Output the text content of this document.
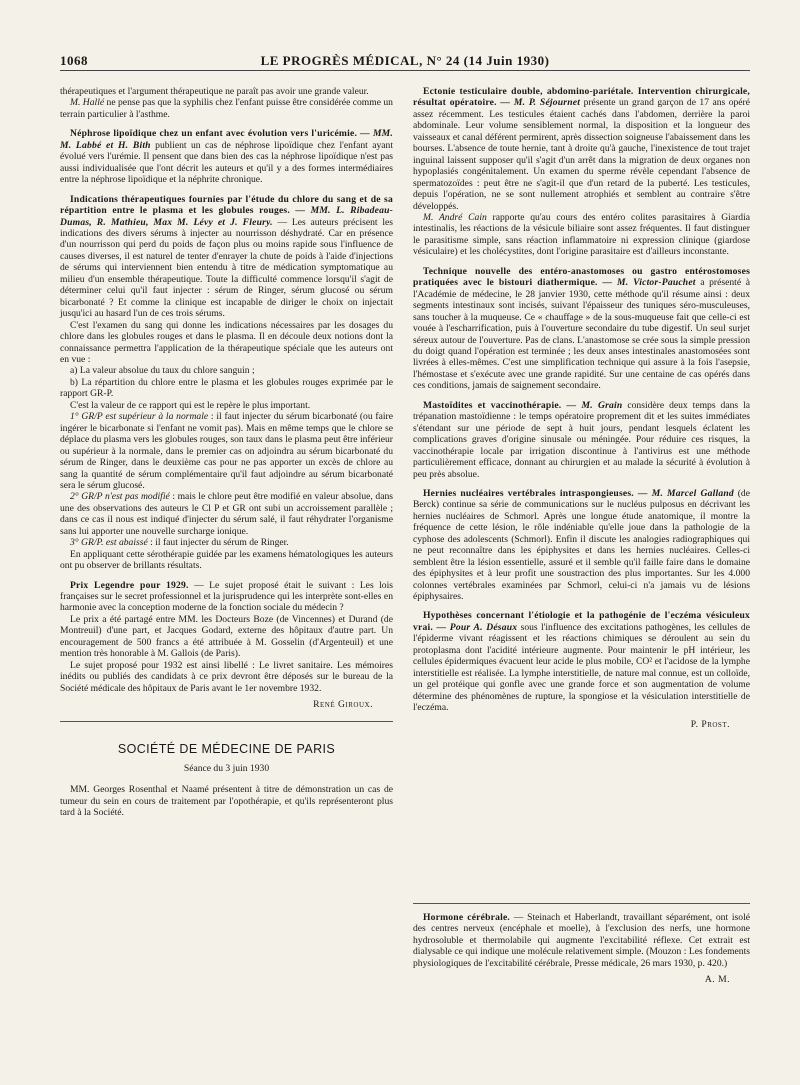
1068	LE PROGRÈS MÉDICAL, N° 24 (14 Juin 1930)

thérapeutiques et l'argument thérapeutique ne paraît pas avoir une grande valeur.

M. Hallé ne pense pas que la syphilis chez l'enfant puisse être considérée comme un terrain particulier à l'asthme.

Néphrose lipoïdique chez un enfant avec évolution vers l'uricémie. — MM. M. Labbé et H. Bith publient un cas de néphrose lipoïdique chez l'enfant ayant évolué vers l'urémie. Il pensent que dans bien des cas la néphrose lipoïdique n'est pas aussi individualisée que l'ont décrit les auteurs et qu'il y a des formes intermédiaires entre la néphrose lipoïdique et la néphrite chronique.

Indications thérapeutiques fournies par l'étude du chlore du sang et de sa répartition entre le plasma et les globules rouges. — MM. L. Ribadeau-Dumas, R. Mathieu, Max M. Lévy et J. Fleury. — Les auteurs précisent les indications des divers sérums à injecter au nourrisson déshydraté. Car en présence d'un nourrisson qui perd du poids de façon plus ou moins rapide sous l'influence de causes diverses, il est naturel de tenter d'enrayer la chute de poids à l'aide d'injections de sérums qui interviennent bien entendu à titre de médication symptomatique au milieu d'un ensemble thérapeutique. Toute la difficulté commence lorsqu'il s'agit de déterminer celui qu'il faut injecter : sérum de Ringer, sérum glucosé ou sérum bicarbonaté ? Et comme la clinique est incapable de diriger le choix on injectait jusqu'ici au hasard l'un de ces trois sérums.

C'est l'examen du sang qui donne les indications nécessaires par les dosages du chlore dans les globules rouges et dans le plasma. Il en découle deux notions dont la connaissance permettra l'application de la thérapeutique spéciale que les auteurs ont en vue :

a) La valeur absolue du taux du chlore sanguin ;

b) La répartition du chlore entre le plasma et les globules rouges exprimée par le rapport GR-P.

C'est la valeur de ce rapport qui est le repère le plus important.

1° GR/P est supérieur à la normale : il faut injecter du sérum bicarbonaté (ou faire ingérer le bicarbonate si l'enfant ne vomit pas). Mais en même temps que le chlore se déplace du plasma vers les globules rouges, son taux dans le plasma peut être inférieur ou supérieur à la normale, dans le premier cas on adjoindra au sérum bicarbonaté du sérum de Ringer, dans le deuxième cas pour ne pas apporter un excès de chlore au sang la quantité de sérum complémentaire qu'il faut adjoindre au sérum bicarbonaté sera le sérum glucosé.

2° GR/P n'est pas modifié : mais le chlore peut être modifié en valeur absolue, dans une des observations des auteurs le Cl P et GR ont subi un accroissement parallèle ; dans ce cas il nous est indiqué d'injecter du sérum salé, il faut réhydrater l'organisme sans lui apporter une nouvelle surcharge ionique.

3° GR/P. est abaissé : il faut injecter du sérum de Ringer.

En appliquant cette sérothérapie guidée par les examens hématologiques les auteurs ont pu observer de brillants résultats.

Prix Legendre pour 1929. — Le sujet proposé était le suivant : Les lois françaises sur le secret professionnel et la jurisprudence qui les interprète sont-elles en harmonie avec la conception moderne de la fonction sociale du médecin ?

Le prix a été partagé entre MM. les Docteurs Boze (de Vincennes) et Durand (de Montreuil) d'une part, et Jacques Godard, externe des hôpitaux d'autre part. Un encouragement de 500 francs a été attribuée à M. Gosselin (d'Argenteuil) et une mention très honorable à M. Gallois (de Paris).

Le sujet proposé pour 1932 est ainsi libellé : Le livret sanitaire. Les mémoires inédits ou publiés des candidats à ce prix devront être déposés sur le bureau de la Société médicale des hôpitaux de Paris avant le 1er novembre 1932.

René Giroux.
SOCIÉTÉ DE MÉDECINE DE PARIS
Séance du 3 juin 1930

MM. Georges Rosenthal et Naamé présentent à titre de démonstration un cas de tumeur du sein en cours de traitement par l'opothérapie, et qu'ils représenteront plus tard à la Société.

Ectonie testiculaire double, abdomino-pariétale. Intervention chirurgicale, résultat opératoire. — M. P. Séjournet présente un grand garçon de 17 ans opéré assez récemment. Les testicules étaient cachés dans l'abdomen, derrière la paroi abdominale. Leur volume sensiblement normal, la disposition et la longueur des vaisseaux et canal déférent permirent, après dissection soigneuse l'abaissement dans les bourses. L'absence de toute hernie, tant à droite qu'à gauche, l'inexistence de tout trajet inguinal laissent supposer qu'il s'agit d'un arrêt dans la migration de deux organes non hypoplasiés congénitalement. Un examen du sperme révèle cependant l'absence de spermatozoïdes : peut être ne s'agit-il que d'un retard de la puberté. Les testicules, depuis l'opération, ne se sont nullement atrophiés et semblent au contraire s'être développés.

M. André Cain rapporte qu'au cours des entéro colites parasitaires à Giardia intestinalis, les réactions de la vésicule biliaire sont assez fréquentes. Il faut distinguer le parasitisme simple, sans réaction inflammatoire ni expression clinique (giardose vésiculaire) et les cholécystites, dont l'origine parasitaire est d'ailleurs inconstante.

Technique nouvelle des entéro-anastomoses ou gastro entérostomoses pratiquées avec le bistouri diathermique. — M. Victor-Pauchet a présenté à l'Académie de médecine, le 28 janvier 1930, cette méthode qu'il résume ainsi : deux segments intestinaux sont incisés, suivant l'épaisseur des tuniques séro-musculeuses, sans toucher à la muqueuse. Ce « chauffage » de la sous-muqueuse fait que celle-ci est vouée à l'escharrification, puis à l'ouverture secondaire du tube digestif. Un seul surjet séreux autour de l'ouverture. Pas de clans. L'anastomose se crée sous la simple pression du doigt quand l'opération est terminée ; les deux anses intestinales anastomosées sont livrées à elles-mêmes. C'est une simplification technique qui assure à la fois l'asepsie, l'hémostase et s'exécute avec une grande rapidité. Sur une centaine de cas opérés dans ces conditions, jamais de saignement secondaire.

Mastoïdites et vaccinothérapie. — M. Grain considère deux temps dans la trépanation mastoïdienne : le temps opératoire proprement dit et les suites immédiates s'étendant sur une période de sept à huit jours, pendant lesquels éclatent les complications graves d'origine sinusale ou méningée. Pour réduire ces risques, la vaccinothérapie locale par irrigation discontinue à l'antivirus est une méthode particulièrement efficace, donnant au chirurgien et au malade la sécurité à évolution à peu près absolue.

Hernies nucléaires vertébrales intraspongieuses. — M. Marcel Galland (de Berck) continue sa série de communications sur le nucléus pulposus en décrivant les hernies nucléaires de Schmorl. Après une longue étude anatomique, il montre la fréquence de cette lésion, le rôle indéniable qu'elle joue dans la pathologie de la cyphose des adolescents (Schmorl). Enfin il discute les analogies radiographiques qui ne peut reconnaître dans les épiphysites et dans les hernies nucléaires. Celles-ci semblent être la lésion essentielle, assuré et il semble qu'il faille faire dans le domaine des épiphysites et à leur profit une soustraction des plus importantes. Sur les 4.000 colonnes vertébrales examinées par Schmorl, celui-ci n'a jamais vu de lésions épiphysaires.

Hypothèses concernant l'étiologie et la pathogénie de l'eczéma vésiculeux vrai. — Pour A. Désaux sous l'influence des excitations pathogènes, les cellules de l'épiderme vivant réagissent et les réactions chimiques se déroulent au sein du protoplasma dont l'acidité intérieure augmente. Pour maintenir le pH intérieur, les cellules épidermiques évacuent leur acide le plus mobile, CO² et l'acidose de la lymphe interstitielle est réalisée. La lymphe interstitielle, de nature mal connue, est un colloïde, un gel protéique qui gonfle avec une grande force et son augmentation de volume détermine des phénomènes de rupture, la spongiose et la vésiculation interstitielle de l'eczéma.

P. Prost.

Hormone cérébrale. — Steinach et Haberlandt, travaillant séparément, ont isolé des centres nerveux (encéphale et moelle), à l'exclusion des nerfs, une hormone hydrosoluble et thermolabile qui augmente l'excitabilité réflexe. Cet extrait est dialysable ce qui indique une molécule relativement simple. (Mouzon : Les fondements physiologiques de l'excitabilité cérébrale, Presse médicale, 26 mars 1930, p. 420.)

A. M.
